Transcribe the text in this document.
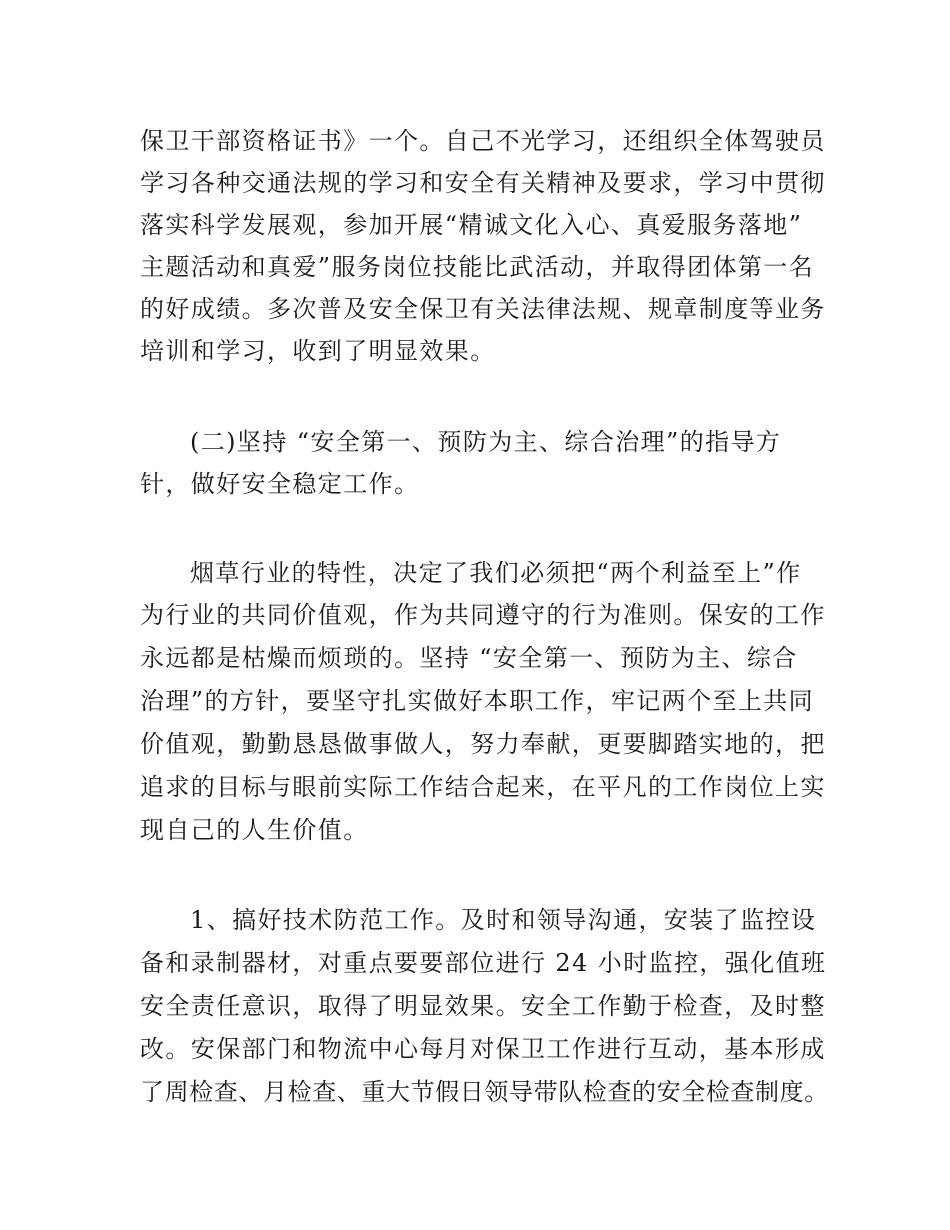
保卫干部资格证书》一个。自己不光学习，还组织全体驾驶员
学习各种交通法规的学习和安全有关精神及要求，学习中贯彻
落实科学发展观，参加开展“精诚文化入心、真爱服务落地”
主题活动和真爱”服务岗位技能比武活动，并取得团体第一名
的好成绩。多次普及安全保卫有关法律法规、规章制度等业务
培训和学习，收到了明显效果。
(二)坚持 “安全第一、预防为主、综合治理”的指导方
针，做好安全稳定工作。
烟草行业的特性，决定了我们必须把“两个利益至上”作
为行业的共同价值观，作为共同遵守的行为准则。保安的工作
永远都是枯燥而烦琐的。坚持 “安全第一、预防为主、综合
治理”的方针，要坚守扎实做好本职工作，牢记两个至上共同
价值观，勤勤恳恳做事做人，努力奉献，更要脚踏实地的，把
追求的目标与眼前实际工作结合起来，在平凡的工作岗位上实
现自己的人生价值。
1、搞好技术防范工作。及时和领导沟通，安装了监控设
备和录制器材，对重点要要部位进行 24 小时监控，强化值班
安全责任意识，取得了明显效果。安全工作勤于检查，及时整
改。安保部门和物流中心每月对保卫工作进行互动，基本形成
了周检查、月检查、重大节假日领导带队检查的安全检查制度。
